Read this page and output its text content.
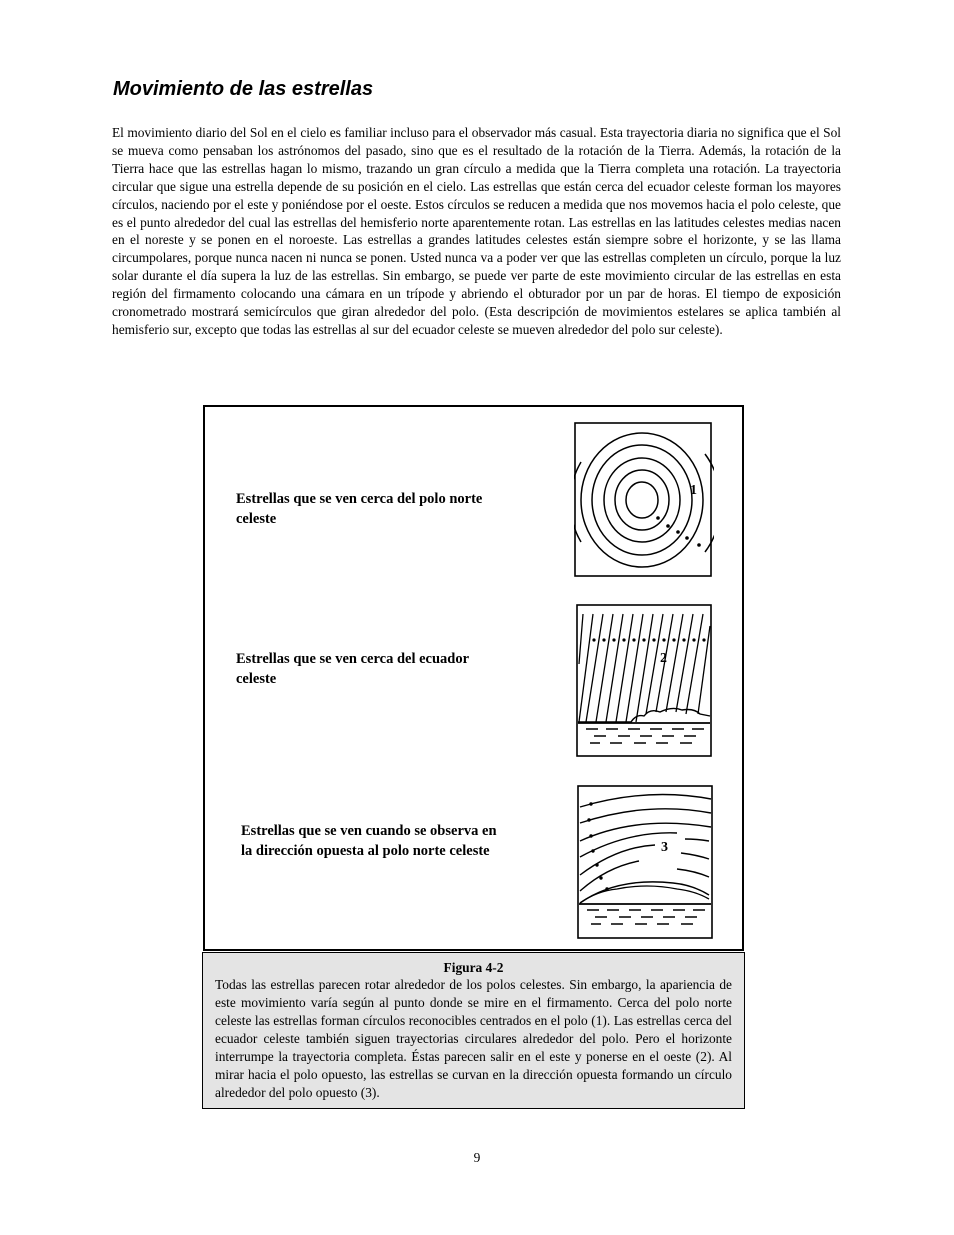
Movimiento de las estrellas

El movimiento diario del Sol en el cielo es familiar incluso para el observador más casual. Esta trayectoria diaria no significa que el Sol se mueva como pensaban los astrónomos del pasado, sino que es el resultado de la rotación de la Tierra. Además, la rotación de la Tierra hace que las estrellas hagan lo mismo, trazando un gran círculo a medida que la Tierra completa una rotación. La trayectoria circular que sigue una estrella depende de su posición en el cielo. Las estrellas que están cerca del ecuador celeste forman los mayores círculos, naciendo por el este y poniéndose por el oeste. Estos círculos se reducen a medida que nos movemos hacia el polo celeste, que es el punto alrededor del cual las estrellas del hemisferio norte aparentemente rotan. Las estrellas en las latitudes celestes medias nacen en el noreste y se ponen en el noroeste. Las estrellas a grandes latitudes celestes están siempre sobre el horizonte, y se las llama circumpolares, porque nunca nacen ni nunca se ponen. Usted nunca va a poder ver que las estrellas completen un círculo, porque la luz solar durante el día supera la luz de las estrellas. Sin embargo, se puede ver parte de este movimiento circular de las estrellas en esta región del firmamento colocando una cámara en un trípode y abriendo el obturador por un par de horas. El tiempo de exposición cronometrado mostrará semicírculos que giran alrededor del polo. (Esta descripción de movimientos estelares se aplica también al hemisferio sur, excepto que todas las estrellas al sur del ecuador celeste se mueven alrededor del polo sur celeste).

Estrellas que se ven cerca del polo norte celeste
Estrellas que se ven cerca del ecuador celeste
Estrellas que se ven cuando se observa en la dirección opuesta al polo norte celeste
1
2
3
Figura 4-2

Todas las estrellas parecen rotar alrededor de los polos celestes. Sin embargo, la apariencia de este movimiento varía según al punto donde se mire en el firmamento. Cerca del polo norte celeste las estrellas forman círculos reconocibles centrados en el polo (1). Las estrellas cerca del ecuador celeste también siguen trayectorias circulares alrededor del polo. Pero el horizonte interrumpe la trayectoria completa. Éstas parecen salir en el este y ponerse en el oeste (2). Al mirar hacia el polo opuesto, las estrellas se curvan en la dirección opuesta formando un círculo alrededor del polo opuesto (3).

9
